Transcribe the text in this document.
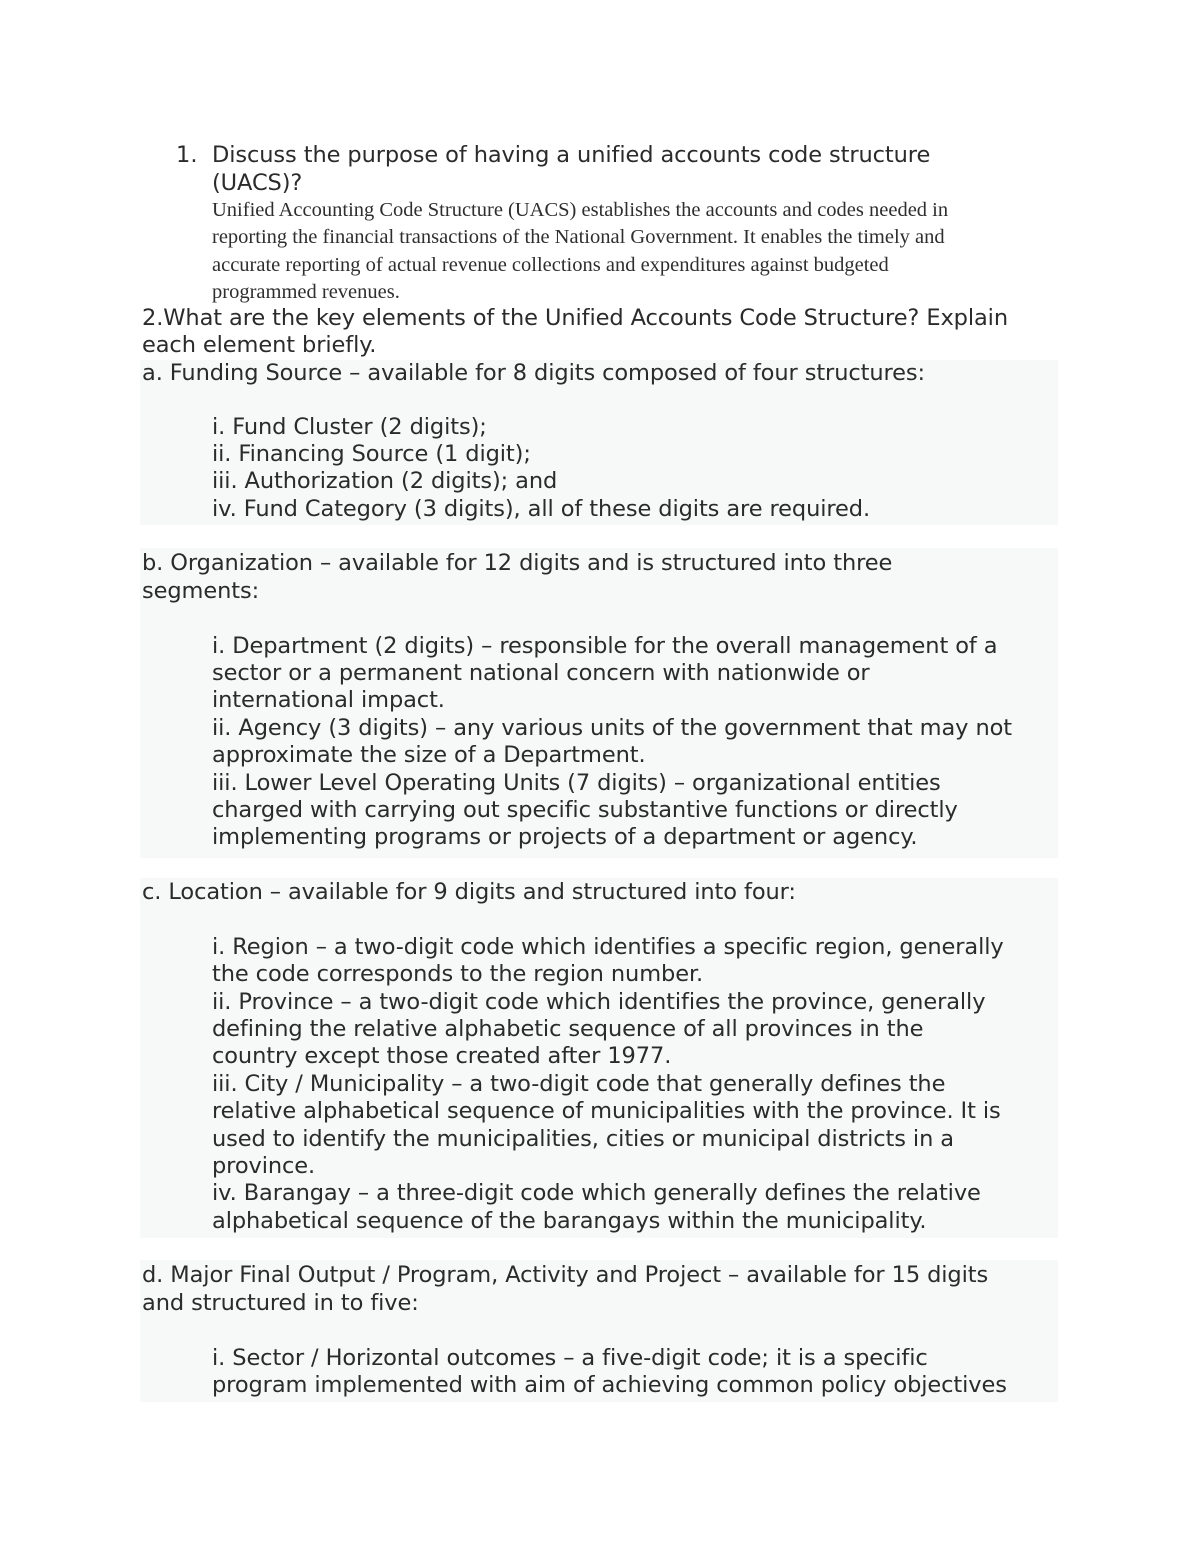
1. Discuss the purpose of having a unified accounts code structure
(UACS)?
Unified Accounting Code Structure (UACS) establishes the accounts and codes needed in
reporting the financial transactions of the National Government. It enables the timely and
accurate reporting of actual revenue collections and expenditures against budgeted
programmed revenues.
2.What are the key elements of the Unified Accounts Code Structure? Explain
each element briefly.
a. Funding Source – available for 8 digits composed of four structures:
i. Fund Cluster (2 digits);
ii. Financing Source (1 digit);
iii. Authorization (2 digits); and
iv. Fund Category (3 digits), all of these digits are required.
b. Organization – available for 12 digits and is structured into three
segments:
i. Department (2 digits) – responsible for the overall management of a
sector or a permanent national concern with nationwide or
international impact.
ii. Agency (3 digits) – any various units of the government that may not
approximate the size of a Department.
iii. Lower Level Operating Units (7 digits) – organizational entities
charged with carrying out specific substantive functions or directly
implementing programs or projects of a department or agency.
c. Location – available for 9 digits and structured into four:
i. Region – a two-digit code which identifies a specific region, generally
the code corresponds to the region number.
ii. Province – a two-digit code which identifies the province, generally
defining the relative alphabetic sequence of all provinces in the
country except those created after 1977.
iii. City / Municipality – a two-digit code that generally defines the
relative alphabetical sequence of municipalities with the province. It is
used to identify the municipalities, cities or municipal districts in a
province.
iv. Barangay – a three-digit code which generally defines the relative
alphabetical sequence of the barangays within the municipality.
d. Major Final Output / Program, Activity and Project – available for 15 digits
and structured in to five:
i. Sector / Horizontal outcomes – a five-digit code; it is a specific
program implemented with aim of achieving common policy objectives
